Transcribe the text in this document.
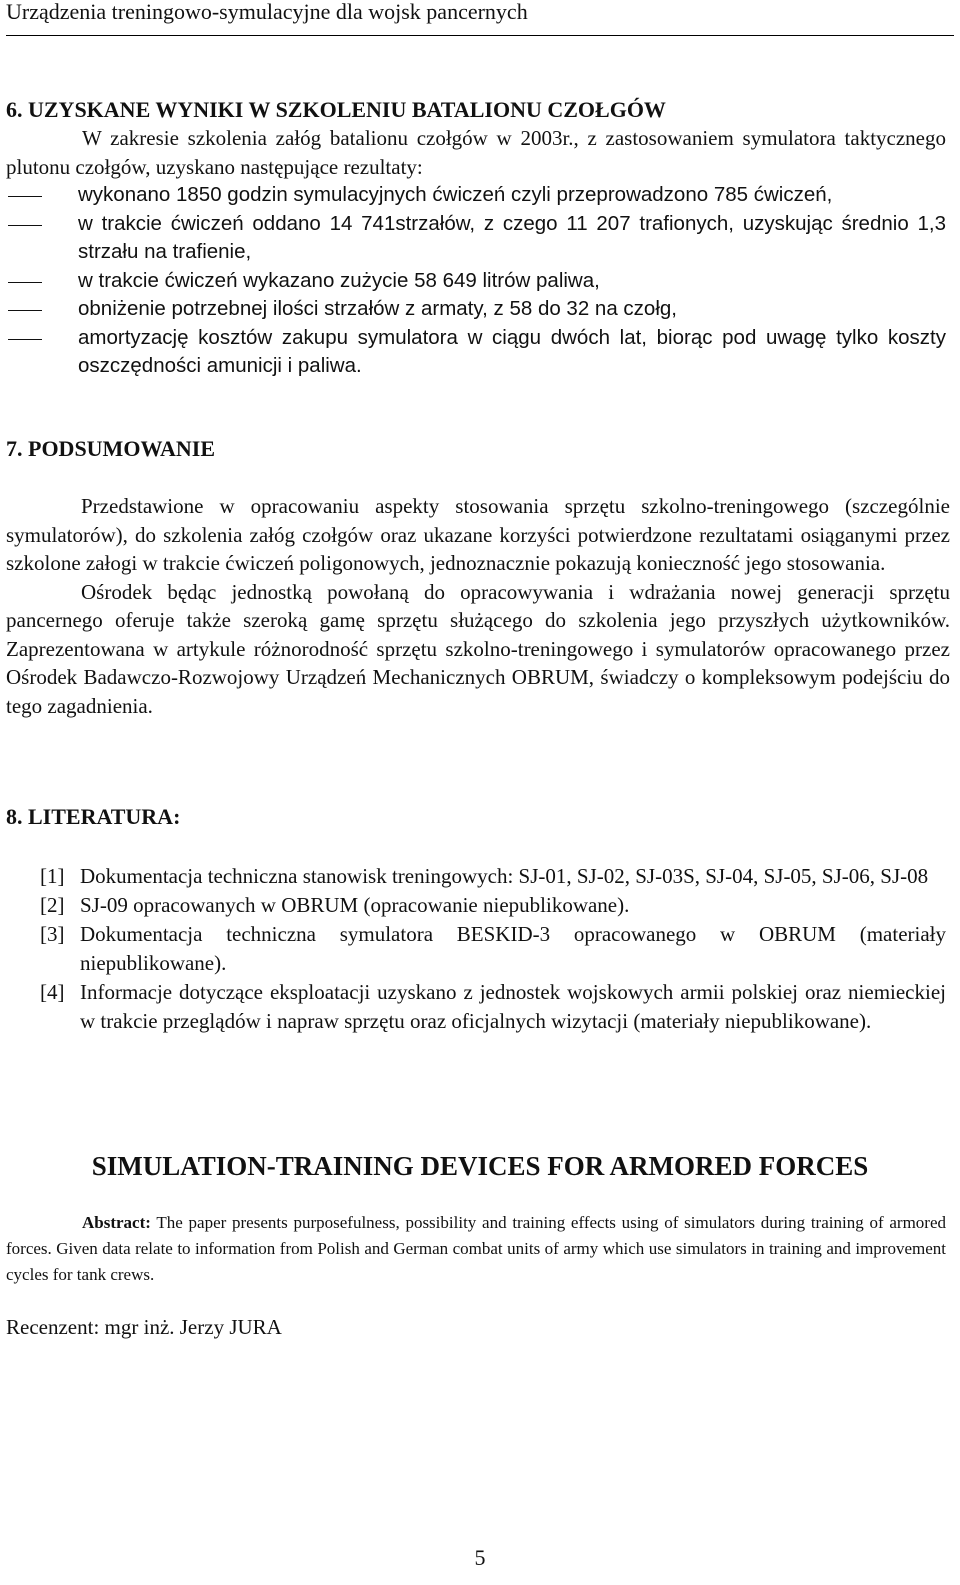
Urządzenia treningowo-symulacyjne dla wojsk pancernych
6. UZYSKANE WYNIKI W SZKOLENIU BATALIONU CZOŁGÓW

W zakresie szkolenia załóg batalionu czołgów w 2003r., z zastosowaniem symulatora taktycznego plutonu czołgów, uzyskano następujące rezultaty:

wykonano 1850 godzin symulacyjnych ćwiczeń czyli przeprowadzono 785 ćwiczeń,
w trakcie ćwiczeń oddano 14 741strzałów, z czego 11 207 trafionych, uzyskując średnio 1,3 strzału na trafienie,
w trakcie ćwiczeń wykazano zużycie 58 649 litrów paliwa,
obniżenie potrzebnej ilości strzałów z armaty, z 58 do 32 na czołg,
amortyzację kosztów zakupu symulatora w ciągu dwóch lat, biorąc pod uwagę tylko koszty oszczędności amunicji i paliwa.
7. PODSUMOWANIE

Przedstawione w opracowaniu aspekty stosowania sprzętu szkolno-treningowego (szczególnie symulatorów), do szkolenia załóg czołgów oraz ukazane korzyści potwierdzone rezultatami osiąganymi przez szkolone załogi w trakcie ćwiczeń poligonowych, jednoznacznie pokazują konieczność jego stosowania.

Ośrodek będąc jednostką powołaną do opracowywania i wdrażania nowej generacji sprzętu pancernego oferuje także szeroką gamę sprzętu służącego do szkolenia jego przyszłych użytkowników. Zaprezentowana w artykule różnorodność sprzętu szkolno-treningowego i symulatorów opracowanego przez Ośrodek Badawczo-Rozwojowy Urządzeń Mechanicznych OBRUM, świadczy o kompleksowym podejściu do tego zagadnienia.

8. LITERATURA:
[1] Dokumentacja techniczna stanowisk treningowych: SJ-01, SJ-02, SJ-03S, SJ-04, SJ-05, SJ-06, SJ-08
[2] SJ-09 opracowanych w OBRUM (opracowanie niepublikowane).
[3] Dokumentacja techniczna symulatora BESKID-3 opracowanego w OBRUM (materiały niepublikowane).
[4] Informacje dotyczące eksploatacji uzyskano z jednostek wojskowych armii polskiej oraz niemieckiej w trakcie przeglądów i napraw sprzętu oraz oficjalnych wizytacji (materiały niepublikowane).
SIMULATION-TRAINING DEVICES FOR ARMORED FORCES

Abstract: The paper presents purposefulness, possibility and training effects using of simulators during training of armored forces. Given data relate to information from Polish and German combat units of army which use simulators in training and improvement cycles for tank crews.

Recenzent: mgr inż. Jerzy JURA
5
